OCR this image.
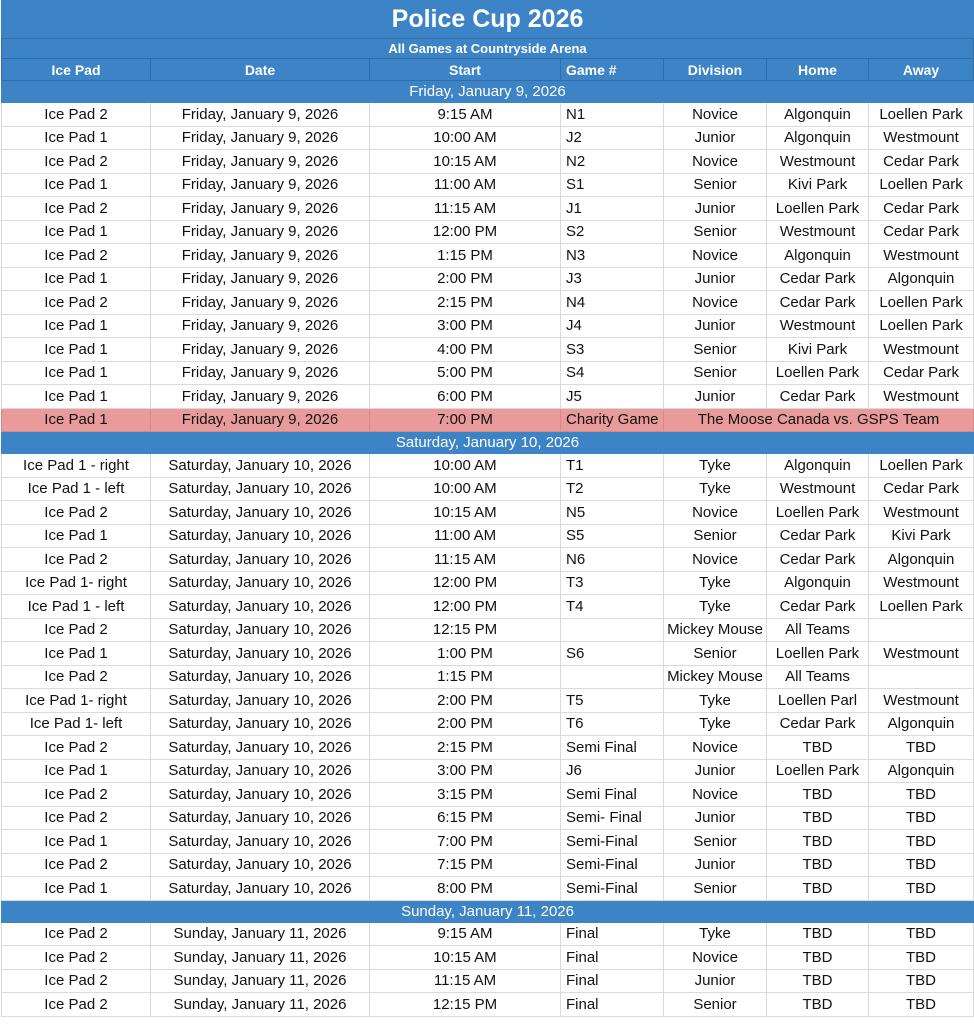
Police Cup 2026						
All Games at Countryside Arena						
Ice Pad	Date	Start	Game #	Division	Home	Away
Friday, January 9, 2026						
Ice Pad 2	Friday, January 9, 2026	9:15 AM	N1	Novice	Algonquin	Loellen Park
Ice Pad 1	Friday, January 9, 2026	10:00 AM	J2	Junior	Algonquin	Westmount
Ice Pad 2	Friday, January 9, 2026	10:15 AM	N2	Novice	Westmount	Cedar Park
Ice Pad 1	Friday, January 9, 2026	11:00 AM	S1	Senior	Kivi Park	Loellen Park
Ice Pad 2	Friday, January 9, 2026	11:15 AM	J1	Junior	Loellen Park	Cedar Park
Ice Pad 1	Friday, January 9, 2026	12:00 PM	S2	Senior	Westmount	Cedar Park
Ice Pad 2	Friday, January 9, 2026	1:15 PM	N3	Novice	Algonquin	Westmount
Ice Pad 1	Friday, January 9, 2026	2:00 PM	J3	Junior	Cedar Park	Algonquin
Ice Pad 2	Friday, January 9, 2026	2:15 PM	N4	Novice	Cedar Park	Loellen Park
Ice Pad 1	Friday, January 9, 2026	3:00 PM	J4	Junior	Westmount	Loellen Park
Ice Pad 1	Friday, January 9, 2026	4:00 PM	S3	Senior	Kivi Park	Westmount
Ice Pad 1	Friday, January 9, 2026	5:00 PM	S4	Senior	Loellen Park	Cedar Park
Ice Pad 1	Friday, January 9, 2026	6:00 PM	J5	Junior	Cedar Park	Westmount
Ice Pad 1	Friday, January 9, 2026	7:00 PM	Charity Game	The Moose Canada vs. GSPS Team		
Saturday, January 10, 2026						
Ice Pad 1 - right	Saturday, January 10, 2026	10:00 AM	T1	Tyke	Algonquin	Loellen Park
Ice Pad 1 - left	Saturday, January 10, 2026	10:00 AM	T2	Tyke	Westmount	Cedar Park
Ice Pad 2	Saturday, January 10, 2026	10:15 AM	N5	Novice	Loellen Park	Westmount
Ice Pad 1	Saturday, January 10, 2026	11:00 AM	S5	Senior	Cedar Park	Kivi Park
Ice Pad 2	Saturday, January 10, 2026	11:15 AM	N6	Novice	Cedar Park	Algonquin
Ice Pad 1- right	Saturday, January 10, 2026	12:00 PM	T3	Tyke	Algonquin	Westmount
Ice Pad 1 - left	Saturday, January 10, 2026	12:00 PM	T4	Tyke	Cedar Park	Loellen Park
Ice Pad 2	Saturday, January 10, 2026	12:15 PM		Mickey Mouse	All Teams	
Ice Pad 1	Saturday, January 10, 2026	1:00 PM	S6	Senior	Loellen Park	Westmount
Ice Pad 2	Saturday, January 10, 2026	1:15 PM		Mickey Mouse	All Teams	
Ice Pad 1- right	Saturday, January 10, 2026	2:00 PM	T5	Tyke	Loellen Parl	Westmount
Ice Pad 1- left	Saturday, January 10, 2026	2:00 PM	T6	Tyke	Cedar Park	Algonquin
Ice Pad 2	Saturday, January 10, 2026	2:15 PM	Semi Final	Novice	TBD	TBD
Ice Pad 1	Saturday, January 10, 2026	3:00 PM	J6	Junior	Loellen Park	Algonquin
Ice Pad 2	Saturday, January 10, 2026	3:15 PM	Semi Final	Novice	TBD	TBD
Ice Pad 2	Saturday, January 10, 2026	6:15 PM	Semi- Final	Junior	TBD	TBD
Ice Pad 1	Saturday, January 10, 2026	7:00 PM	Semi-Final	Senior	TBD	TBD
Ice Pad 2	Saturday, January 10, 2026	7:15 PM	Semi-Final	Junior	TBD	TBD
Ice Pad 1	Saturday, January 10, 2026	8:00 PM	Semi-Final	Senior	TBD	TBD
Sunday, January 11, 2026						
Ice Pad 2	Sunday, January 11, 2026	9:15 AM	Final	Tyke	TBD	TBD
Ice Pad 2	Sunday, January 11, 2026	10:15 AM	Final	Novice	TBD	TBD
Ice Pad 2	Sunday, January 11, 2026	11:15 AM	Final	Junior	TBD	TBD
Ice Pad 2	Sunday, January 11, 2026	12:15 PM	Final	Senior	TBD	TBD
